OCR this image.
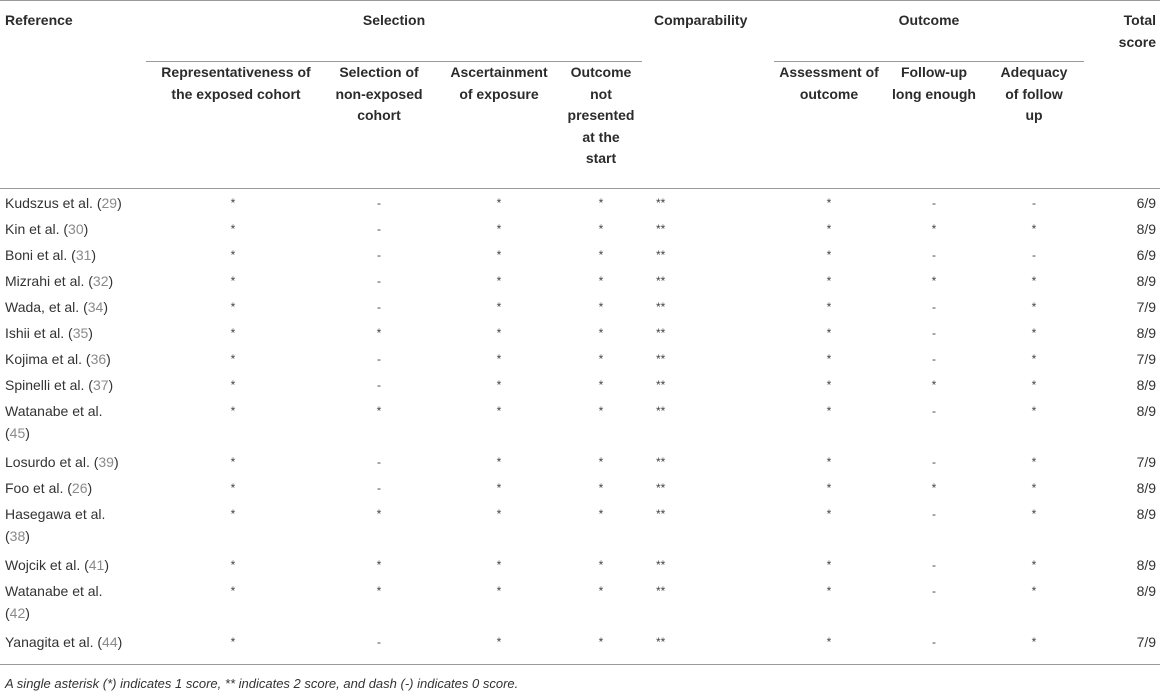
Reference	Selection				Comparability	Outcome			Total
score
	Representativeness of the exposed cohort	Selection of non-exposed cohort	Ascertainment of exposure	Outcome not presented at the start		Assessment of outcome	Follow-up long enough	Adequacy of follow up	
Kudszus et al. (29)	*	-	*	*	**	*	-	-	6/9
Kin et al. (30)	*	-	*	*	**	*	*	*	8/9
Boni et al. (31)	*	-	*	*	**	*	-	-	6/9
Mizrahi et al. (32)	*	-	*	*	**	*	*	*	8/9
Wada, et al. (34)	*	-	*	*	**	*	-	*	7/9
Ishii et al. (35)	*	*	*	*	**	*	-	*	8/9
Kojima et al. (36)	*	-	*	*	**	*	-	*	7/9
Spinelli et al. (37)	*	-	*	*	**	*	*	*	8/9
Watanabe et al.
(45)	*	*	*	*	**	*	-	*	8/9
Losurdo et al. (39)	*	-	*	*	**	*	-	*	7/9
Foo et al. (26)	*	-	*	*	**	*	*	*	8/9
Hasegawa et al.
(38)	*	*	*	*	**	*	-	*	8/9
Wojcik et al. (41)	*	*	*	*	**	*	-	*	8/9
Watanabe et al.
(42)	*	*	*	*	**	*	-	*	8/9
Yanagita et al. (44)	*	-	*	*	**	*	-	*	7/9
A single asterisk (*) indicates 1 score, ** indicates 2 score, and dash (-) indicates 0 score.
